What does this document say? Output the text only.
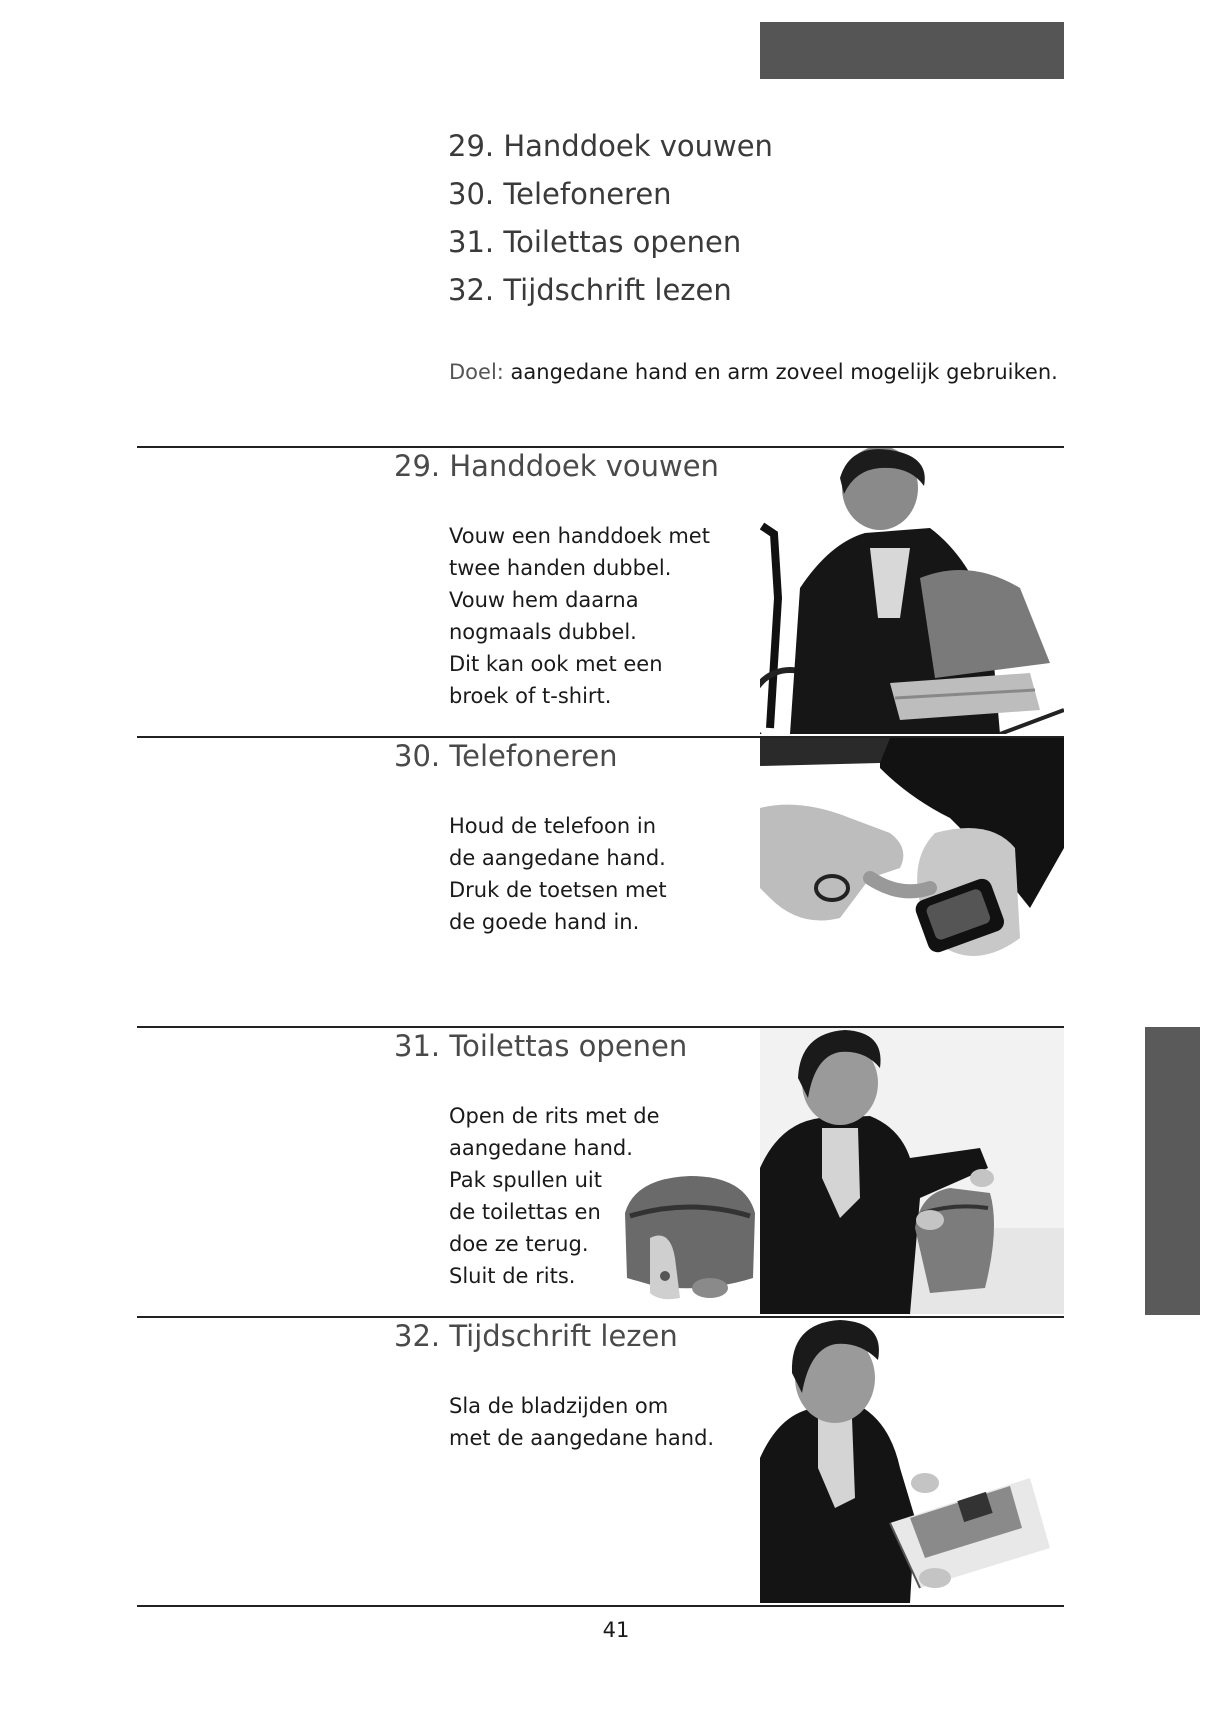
29. Handdoek vouwen
30. Telefoneren
31. Toilettas openen
32. Tijdschrift lezen
Doel: aangedane hand en arm zoveel mogelijk gebruiken.
29. Handdoek vouwen
Vouw een handdoek met
twee handen dubbel.
Vouw hem daarna
nogmaals dubbel.
Dit kan ook met een
broek of t-shirt.
30. Telefoneren
Houd de telefoon in
de aangedane hand.
Druk de toetsen met
de goede hand in.
31. Toilettas openen
Open de rits met de
aangedane hand.
Pak spullen uit
de toilettas en
doe ze terug.
Sluit de rits.
32. Tijdschrift lezen
Sla de bladzijden om
met de aangedane hand.
41
